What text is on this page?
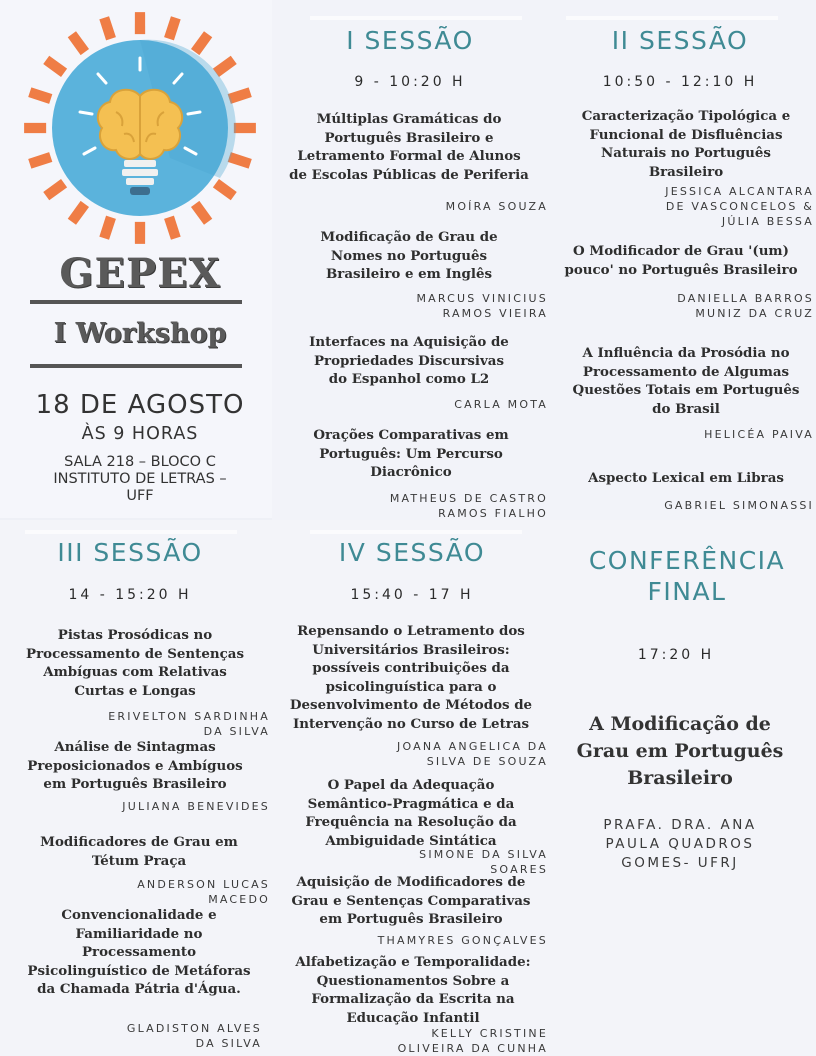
GEPEX
I Workshop
18 DE AGOSTO
ÀS 9 HORAS
SALA 218 – BLOCO C
INSTITUTO DE LETRAS –
UFF
I SESSÃO
9 - 10:20 H
Múltiplas Gramáticas do
Português Brasileiro e
Letramento Formal de Alunos
de Escolas Públicas de Periferia
MOÍRA SOUZA
Modificação de Grau de
Nomes no Português
Brasileiro e em Inglês
MARCUS VINICIUS
RAMOS VIEIRA
Interfaces na Aquisição de
Propriedades Discursivas
do Espanhol como L2
CARLA MOTA
Orações Comparativas em
Português: Um Percurso
Diacrônico
MATHEUS DE CASTRO
RAMOS FIALHO
II SESSÃO
10:50 - 12:10 H
Caracterização Tipológica e
Funcional de Disfluências
Naturais no Português
Brasileiro
JESSICA ALCANTARA
DE VASCONCELOS &
JÚLIA BESSA
O Modificador de Grau '(um)
pouco' no Português Brasileiro
DANIELLA BARROS
MUNIZ DA CRUZ
A Influência da Prosódia no
Processamento de Algumas
Questões Totais em Português
do Brasil
HELICÉA PAIVA
Aspecto Lexical em Libras
GABRIEL SIMONASSI
III SESSÃO
14 - 15:20 H
Pistas Prosódicas no
Processamento de Sentenças
Ambíguas com Relativas
Curtas e Longas
ERIVELTON SARDINHA
DA SILVA
Análise de Sintagmas
Preposicionados e Ambíguos
em Português Brasileiro
JULIANA BENEVIDES
Modificadores de Grau em
Tétum Praça
ANDERSON LUCAS
MACEDO
Convencionalidade e
Familiaridade no
Processamento
Psicolinguístico de Metáforas
da Chamada Pátria d'Água.
GLADISTON ALVES
DA SILVA
IV SESSÃO
15:40 - 17 H
Repensando o Letramento dos
Universitários Brasileiros:
possíveis contribuições da
psicolinguística para o
Desenvolvimento de Métodos de
Intervenção no Curso de Letras
JOANA ANGELICA DA
SILVA DE SOUZA
O Papel da Adequação
Semântico-Pragmática e da
Frequência na Resolução da
Ambiguidade Sintática
SIMONE DA SILVA
SOARES
Aquisição de Modificadores de
Grau e Sentenças Comparativas
em Português Brasileiro
THAMYRES GONÇALVES
Alfabetização e Temporalidade:
Questionamentos Sobre a
Formalização da Escrita na
Educação Infantil
KELLY CRISTINE
OLIVEIRA DA CUNHA
CONFERÊNCIA
FINAL
17:20 H
A Modificação de
Grau em Português
Brasileiro
PRAFA. DRA. ANA
PAULA QUADROS
GOMES- UFRJ
